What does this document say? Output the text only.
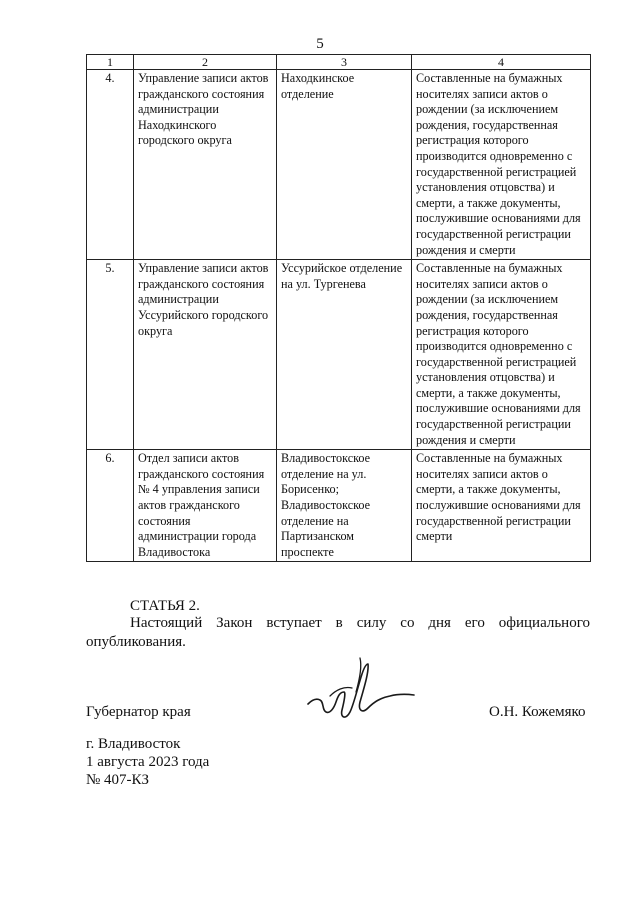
5
1	2	3	4
4.	Управление записи актов гражданского состояния администрации Находкинского городского округа	Находкинское отделение	Составленные на бумажных носителях записи актов о рождении (за исключением рождения, государственная регистрация которого производится одновременно с государственной регистрацией установления отцовства) и смерти, а также документы, послужившие основаниями для государственной регистрации рождения и смерти
5.	Управление записи актов гражданского состояния администрации Уссурийского городского округа	Уссурийское отделение на ул. Тургенева	Составленные на бумажных носителях записи актов о рождении (за исключением рождения, государственная регистрация которого производится одновременно с государственной регистрацией установления отцовства) и смерти, а также документы, послужившие основаниями для государственной регистрации рождения и смерти
6.	Отдел записи актов гражданского состояния № 4 управления записи актов гражданского состояния администрации города Владивостока	Владивостокское отделение на ул. Борисенко; Владивостокское отделение на Партизанском проспекте	Составленные на бумажных носителях записи актов о смерти, а также документы, послужившие основаниями для государственной регистрации смерти
СТАТЬЯ 2.

Настоящий Закон вступает в силу со дня его официального опубликования.

Губернатор края	О.Н. Кожемяко
г. Владивосток
1 августа 2023 года
№ 407-КЗ
